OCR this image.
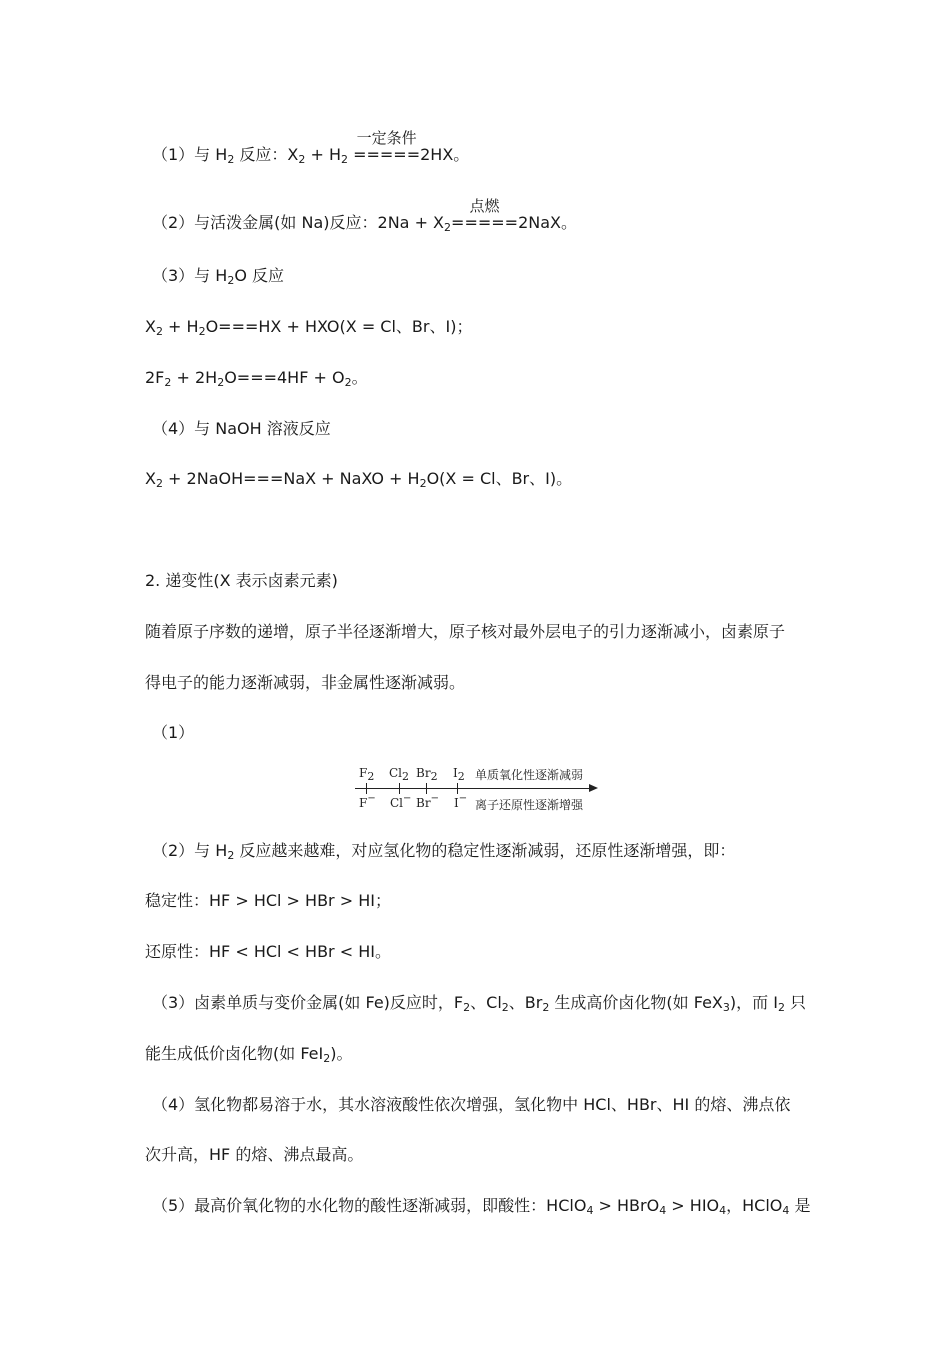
（1）与 $H_2$ 反应：$X_2 + H_2$
一定条件
=====2HX。
（2）与活泼金属(如 Na)反应：$2Na + X_2$
点燃
=====2NaX。
（3）与 $H_2O$ 反应
$X_2 + H_2O===HX + HXO(X = Cl$、Br、I)；
$2F_2 + 2H_2O===4HF + O_2$。
（4）与 NaOH 溶液反应
$X_2$ + 2NaOH===NaX + NaXO + $H_2O(X = Cl$、Br、I)。
2. 递变性(X 表示卤素元素)
随着原子序数的递增，原子半径逐渐增大，原子核对最外层电子的引力逐渐减小，卤素原子
得电子的能力逐渐减弱，非金属性逐渐减弱。
（1）
$F_2$ $Cl_2$ $Br_2$ $I_2$ 单质氧化性逐渐减弱
F− Cl− Br− I− 离子还原性逐渐增强
（2）与 $H_2$ 反应越来越难，对应氢化物的稳定性逐渐减弱，还原性逐渐增强，即：
稳定性：HF > HCl > HBr > HI；
还原性：HF < HCl < HBr < HI。
（3）卤素单质与变价金属(如 Fe)反应时，$F_2$、$Cl_2$、$Br_2$ 生成高价卤化物(如 FeX$_3$)，而 $I_2$ 只
能生成低价卤化物(如 FeI$_2$)。
（4）氢化物都易溶于水，其水溶液酸性依次增强，氢化物中 HCl、HBr、HI 的熔、沸点依
次升高，HF 的熔、沸点最高。
（5）最高价氧化物的水化物的酸性逐渐减弱，即酸性：HClO$_4$ > HBrO$_4$ > $HIO_4$，HClO$_4$ 是
